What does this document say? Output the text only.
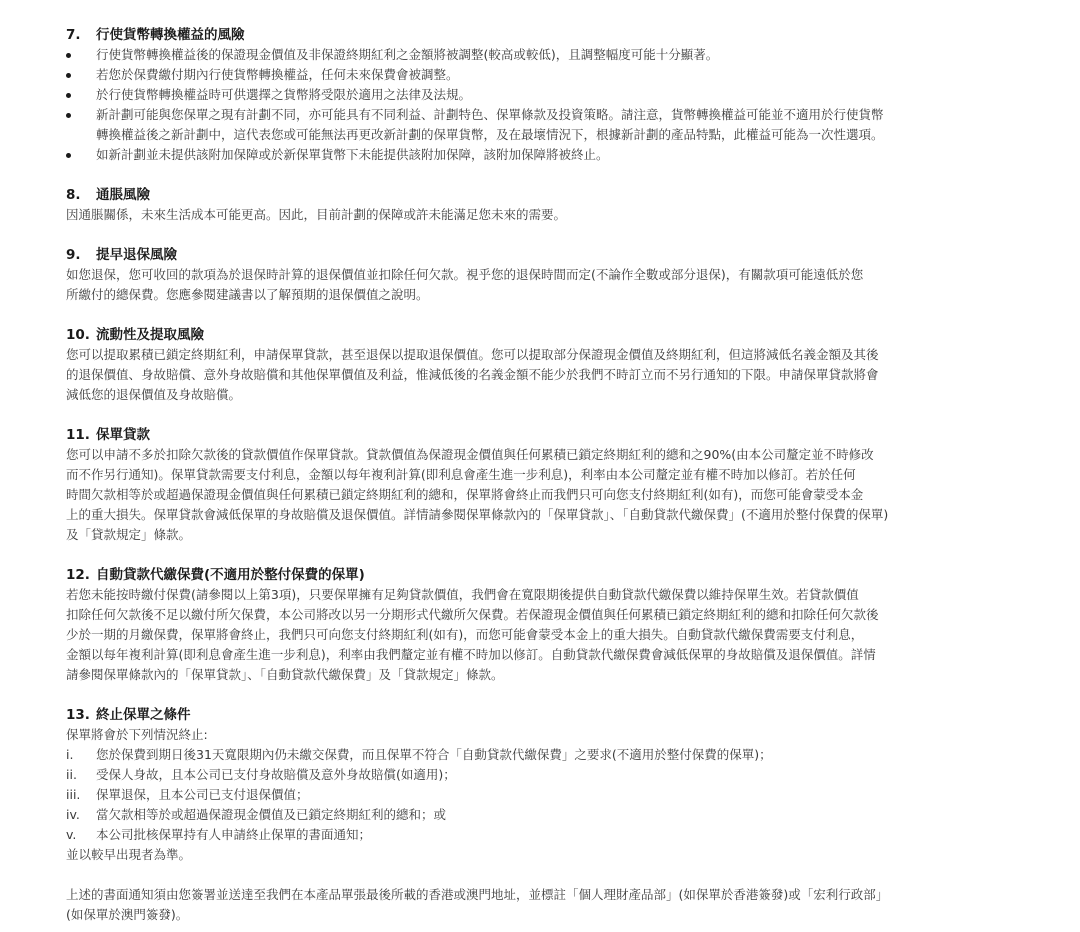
7.	行使貨幣轉換權益的風險
行使貨幣轉換權益後的保證現金價值及非保證終期紅利之金額將被調整(較高或較低)，且調整幅度可能十分顯著。
若您於保費繳付期內行使貨幣轉換權益，任何未來保費會被調整。
於行使貨幣轉換權益時可供選擇之貨幣將受限於適用之法律及法規。
新計劃可能與您保單之現有計劃不同，亦可能具有不同利益、計劃特色、保單條款及投資策略。請注意，貨幣轉換權益可能並不適用於行使貨幣
轉換權益後之新計劃中，這代表您或可能無法再更改新計劃的保單貨幣，及在最壞情況下，根據新計劃的產品特點，此權益可能為一次性選項。
如新計劃並未提供該附加保障或於新保單貨幣下未能提供該附加保障，該附加保障將被終止。
8.	通脹風險

因通脹關係，未來生活成本可能更高。因此，目前計劃的保障或許未能滿足您未來的需要。

9.	提早退保風險

如您退保，您可收回的款項為於退保時計算的退保價值並扣除任何欠款。視乎您的退保時間而定(不論作全數或部分退保)，有關款項可能遠低於您
所繳付的總保費。您應參閱建議書以了解預期的退保價值之說明。

10. 流動性及提取風險

您可以提取累積已鎖定終期紅利，申請保單貸款，甚至退保以提取退保價值。您可以提取部分保證現金價值及終期紅利，但這將減低名義金額及其後
的退保價值、身故賠償、意外身故賠償和其他保單價值及利益，惟減低後的名義金額不能少於我們不時訂立而不另行通知的下限。申請保單貸款將會
減低您的退保價值及身故賠償。

11. 保單貸款

您可以申請不多於扣除欠款後的貸款價值作保單貸款。貸款價值為保證現金價值與任何累積已鎖定終期紅利的總和之90%(由本公司釐定並不時修改
而不作另行通知)。保單貸款需要支付利息，金額以每年複利計算(即利息會產生進一步利息)，利率由本公司釐定並有權不時加以修訂。若於任何
時間欠款相等於或超過保證現金價值與任何累積已鎖定終期紅利的總和，保單將會終止而我們只可向您支付終期紅利(如有)，而您可能會蒙受本金
上的重大損失。保單貸款會減低保單的身故賠償及退保價值。詳情請參閱保單條款內的「保單貸款」、「自動貸款代繳保費」(不適用於整付保費的保單)
及「貸款規定」條款。

12. 自動貸款代繳保費(不適用於整付保費的保單)

若您未能按時繳付保費(請參閱以上第3項)，只要保單擁有足夠貸款價值，我們會在寬限期後提供自動貸款代繳保費以維持保單生效。若貸款價值
扣除任何欠款後不足以繳付所欠保費，本公司將改以另一分期形式代繳所欠保費。若保證現金價值與任何累積已鎖定終期紅利的總和扣除任何欠款後
少於一期的月繳保費，保單將會終止，我們只可向您支付終期紅利(如有)，而您可能會蒙受本金上的重大損失。自動貸款代繳保費需要支付利息，
金額以每年複利計算(即利息會產生進一步利息)，利率由我們釐定並有權不時加以修訂。自動貸款代繳保費會減低保單的身故賠償及退保價值。詳情
請參閱保單條款內的「保單貸款」、「自動貸款代繳保費」及「貸款規定」條款。

13. 終止保單之條件

保單將會於下列情況終止:

i. 您於保費到期日後31天寬限期內仍未繳交保費，而且保單不符合「自動貸款代繳保費」之要求(不適用於整付保費的保單)；
ii. 受保人身故，且本公司已支付身故賠償及意外身故賠償(如適用)；
iii. 保單退保，且本公司已支付退保價值；
iv. 當欠款相等於或超過保證現金價值及已鎖定終期紅利的總和；或
v. 本公司批核保單持有人申請終止保單的書面通知；

並以較早出現者為準。

上述的書面通知須由您簽署並送達至我們在本產品單張最後所載的香港或澳門地址，並標註「個人理財產品部」(如保單於香港簽發)或「宏利行政部」
(如保單於澳門簽發)。
